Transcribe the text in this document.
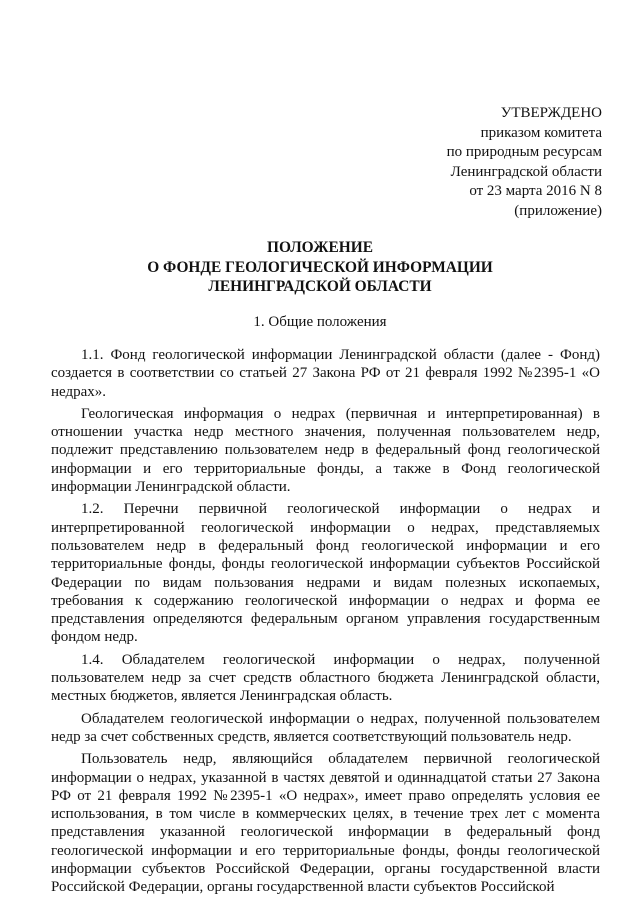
УТВЕРЖДЕНО
приказом комитета
по природным ресурсам
Ленинградской области
от 23 марта 2016 N 8
(приложение)
ПОЛОЖЕНИЕ
О ФОНДЕ ГЕОЛОГИЧЕСКОЙ ИНФОРМАЦИИ
ЛЕНИНГРАДСКОЙ ОБЛАСТИ
1. Общие положения

1.1. Фонд геологической информации Ленинградской области (далее - Фонд) создается в соответствии со статьей 27 Закона РФ от 21 февраля 1992 №2395-1 «О недрах».

Геологическая информация о недрах (первичная и интерпретированная) в отношении участка недр местного значения, полученная пользователем недр, подлежит представлению пользователем недр в федеральный фонд геологической информации и его территориальные фонды, а также в Фонд геологической информации Ленинградской области.

1.2. Перечни первичной геологической информации о недрах и интерпретированной геологической информации о недрах, представляемых пользователем недр в федеральный фонд геологической информации и его территориальные фонды, фонды геологической информации субъектов Российской Федерации по видам пользования недрами и видам полезных ископаемых, требования к содержанию геологической информации о недрах и форма ее представления определяются федеральным органом управления государственным фондом недр.

1.4. Обладателем геологической информации о недрах, полученной пользователем недр за счет средств областного бюджета Ленинградской области, местных бюджетов, является Ленинградская область.

Обладателем геологической информации о недрах, полученной пользователем недр за счет собственных средств, является соответствующий пользователь недр.

Пользователь недр, являющийся обладателем первичной геологической информации о недрах, указанной в частях девятой и одиннадцатой статьи 27 Закона РФ от 21 февраля 1992 №2395-1 «О недрах», имеет право определять условия ее использования, в том числе в коммерческих целях, в течение трех лет с момента представления указанной геологической информации в федеральный фонд геологической информации и его территориальные фонды, фонды геологической информации субъектов Российской Федерации, органы государственной власти Российской Федерации, органы государственной власти субъектов Российской
